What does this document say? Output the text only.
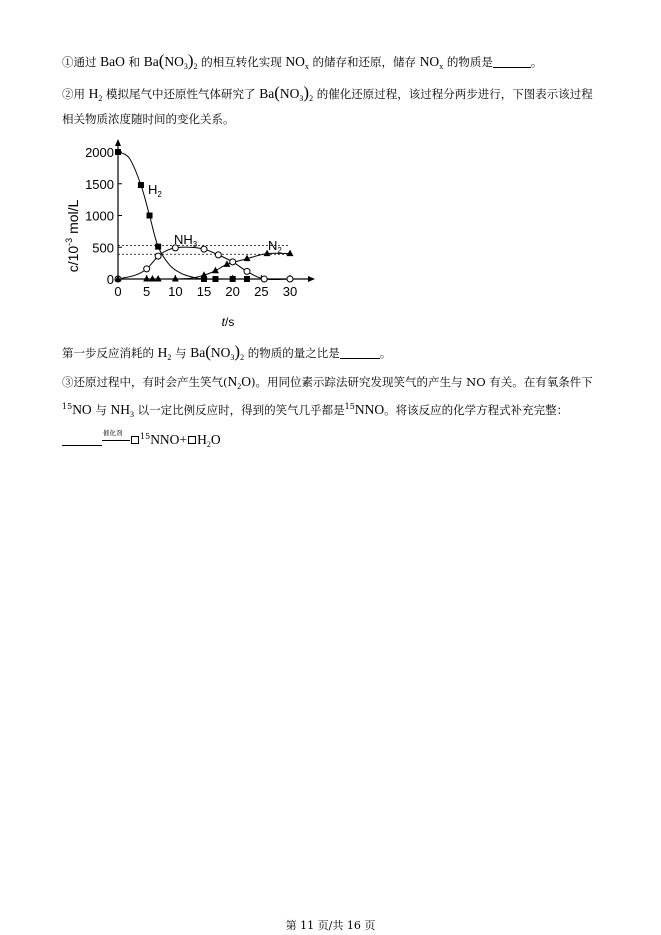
①通过 BaO 和 $Ba(NO_3)_2$ 的相互转化实现 $NO_x$ 的储存和还原，储存 $NO_x$ 的物质是	。
②用 $H_2$ 模拟尾气中还原性气体研究了 $Ba(NO_3)_2$ 的催化还原过程，该过程分两步进行，下图表示该过程
相关物质浓度随时间的变化关系。
0
500
1000
1500
2000
0 5 10 15 20 25 30
$c/10^{-3}$ mol/L
t/s
$H_2$
$NH_3$	$N_2$
第一步反应消耗的 $H_2$ 与 $Ba(NO_3)_2$ 的物质的量之比是	。
③还原过程中，有时会产生笑气$(N_2O)$。用同位素示踪法研究发现笑气的产生与 NO 有关。在有氧条件下
$^{15}$NO 与 $NH_3$ 以一定比例反应时，得到的笑气几乎都是$^{15}$NNO。将该反应的化学方程式补充完整：
催化剂 $^{15}NNO+ H_2O$
第 11 页/共 16 页
